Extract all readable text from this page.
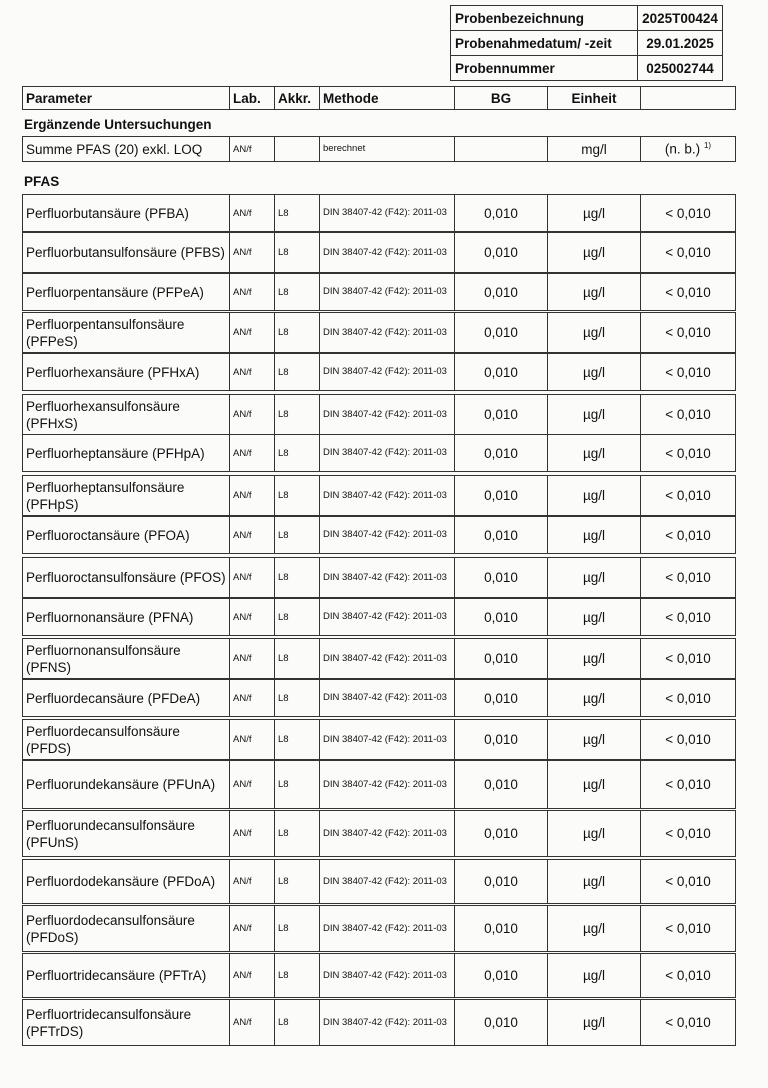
Probenbezeichnung	2025T00424
Probenahmedatum/ -zeit	29.01.2025
Probennummer	025002744
Parameter	Lab.	Akkr.	Methode	BG	Einheit	
Ergänzende Untersuchungen
Summe PFAS (20) exkl. LOQ	AN/f		berechnet		mg/l	(n. b.) $^{1)}$
PFAS
Perfluorbutansäure (PFBA)	AN/f	L8	DIN 38407-42 (F42): 2011-03	0,010	µg/l	< 0,010
Perfluorbutansulfonsäure (PFBS)	AN/f	L8	DIN 38407-42 (F42): 2011-03	0,010	µg/l	< 0,010
Perfluorpentansäure (PFPeA)	AN/f	L8	DIN 38407-42 (F42): 2011-03	0,010	µg/l	< 0,010
Perfluorpentansulfonsäure (PFPeS)	AN/f	L8	DIN 38407-42 (F42): 2011-03	0,010	µg/l	< 0,010
Perfluorhexansäure (PFHxA)	AN/f	L8	DIN 38407-42 (F42): 2011-03	0,010	µg/l	< 0,010
Perfluorhexansulfonsäure (PFHxS)	AN/f	L8	DIN 38407-42 (F42): 2011-03	0,010	µg/l	< 0,010
Perfluorheptansäure (PFHpA)	AN/f	L8	DIN 38407-42 (F42): 2011-03	0,010	µg/l	< 0,010
Perfluorheptansulfonsäure (PFHpS)	AN/f	L8	DIN 38407-42 (F42): 2011-03	0,010	µg/l	< 0,010
Perfluoroctansäure (PFOA)	AN/f	L8	DIN 38407-42 (F42): 2011-03	0,010	µg/l	< 0,010
Perfluoroctansulfonsäure (PFOS)	AN/f	L8	DIN 38407-42 (F42): 2011-03	0,010	µg/l	< 0,010
Perfluornonansäure (PFNA)	AN/f	L8	DIN 38407-42 (F42): 2011-03	0,010	µg/l	< 0,010
Perfluornonansulfonsäure (PFNS)	AN/f	L8	DIN 38407-42 (F42): 2011-03	0,010	µg/l	< 0,010
Perfluordecansäure (PFDeA)	AN/f	L8	DIN 38407-42 (F42): 2011-03	0,010	µg/l	< 0,010
Perfluordecansulfonsäure (PFDS)	AN/f	L8	DIN 38407-42 (F42): 2011-03	0,010	µg/l	< 0,010
Perfluorundekansäure (PFUnA)	AN/f	L8	DIN 38407-42 (F42): 2011-03	0,010	µg/l	< 0,010
Perfluorundecansulfonsäure (PFUnS)	AN/f	L8	DIN 38407-42 (F42): 2011-03	0,010	µg/l	< 0,010
Perfluordodekansäure (PFDoA)	AN/f	L8	DIN 38407-42 (F42): 2011-03	0,010	µg/l	< 0,010
Perfluordodecansulfonsäure (PFDoS)	AN/f	L8	DIN 38407-42 (F42): 2011-03	0,010	µg/l	< 0,010
Perfluortridecansäure (PFTrA)	AN/f	L8	DIN 38407-42 (F42): 2011-03	0,010	µg/l	< 0,010
Perfluortridecansulfonsäure (PFTrDS)	AN/f	L8	DIN 38407-42 (F42): 2011-03	0,010	µg/l	< 0,010
